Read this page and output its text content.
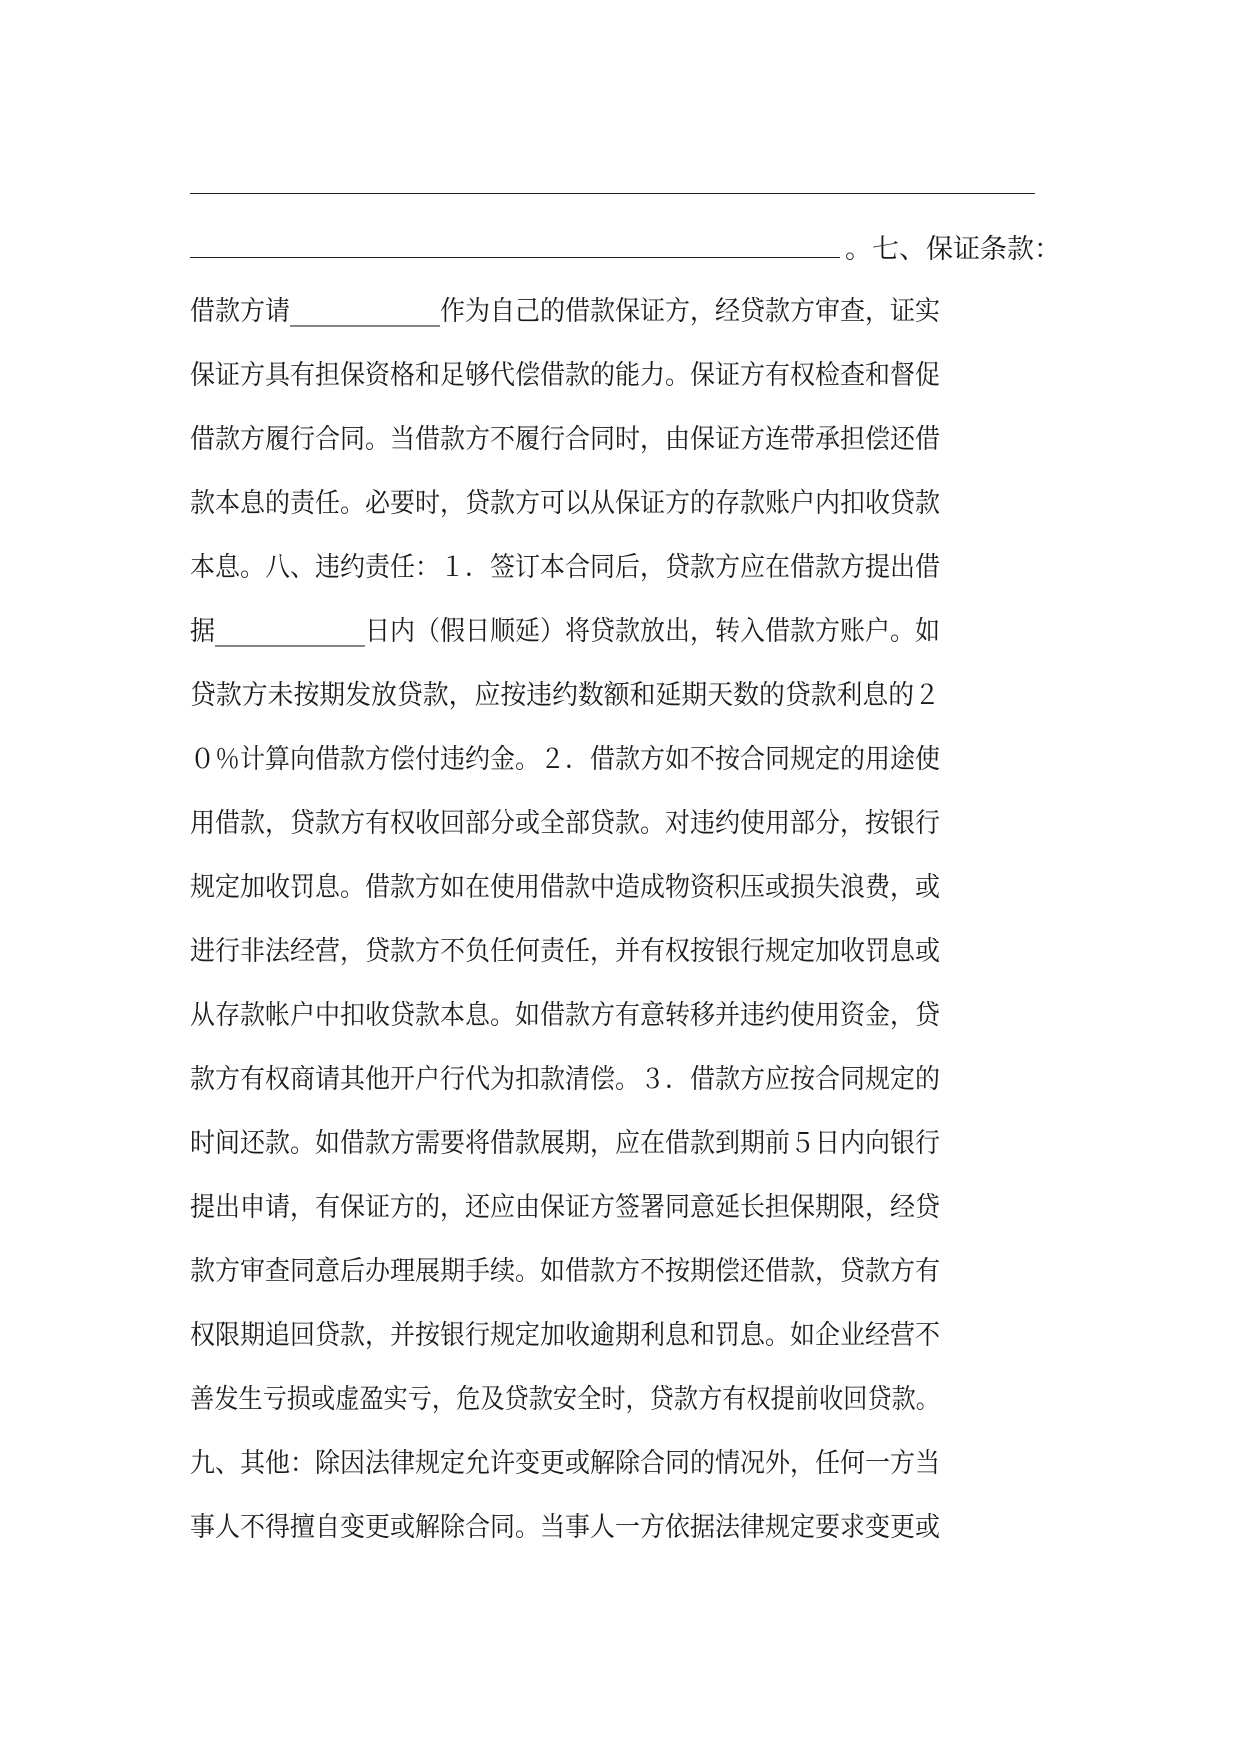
。七、保证条款：
借款方请____________作为自己的借款保证方，经贷款方审查，证实
保证方具有担保资格和足够代偿借款的能力。保证方有权检查和督促
借款方履行合同。当借款方不履行合同时，由保证方连带承担偿还借
款本息的责任。必要时，贷款方可以从保证方的存款账户内扣收贷款
本息。八、违约责任：１．签订本合同后，贷款方应在借款方提出借
据____________日内（假日顺延）将贷款放出，转入借款方账户。如
贷款方未按期发放贷款，应按违约数额和延期天数的贷款利息的２
０％计算向借款方偿付违约金。２．借款方如不按合同规定的用途使
用借款，贷款方有权收回部分或全部贷款。对违约使用部分，按银行
规定加收罚息。借款方如在使用借款中造成物资积压或损失浪费，或
进行非法经营，贷款方不负任何责任，并有权按银行规定加收罚息或
从存款帐户中扣收贷款本息。如借款方有意转移并违约使用资金，贷
款方有权商请其他开户行代为扣款清偿。３．借款方应按合同规定的
时间还款。如借款方需要将借款展期，应在借款到期前５日内向银行
提出申请，有保证方的，还应由保证方签署同意延长担保期限，经贷
款方审查同意后办理展期手续。如借款方不按期偿还借款，贷款方有
权限期追回贷款，并按银行规定加收逾期利息和罚息。如企业经营不
善发生亏损或虚盈实亏，危及贷款安全时，贷款方有权提前收回贷款。
九、其他：除因法律规定允许变更或解除合同的情况外，任何一方当
事人不得擅自变更或解除合同。当事人一方依据法律规定要求变更或
